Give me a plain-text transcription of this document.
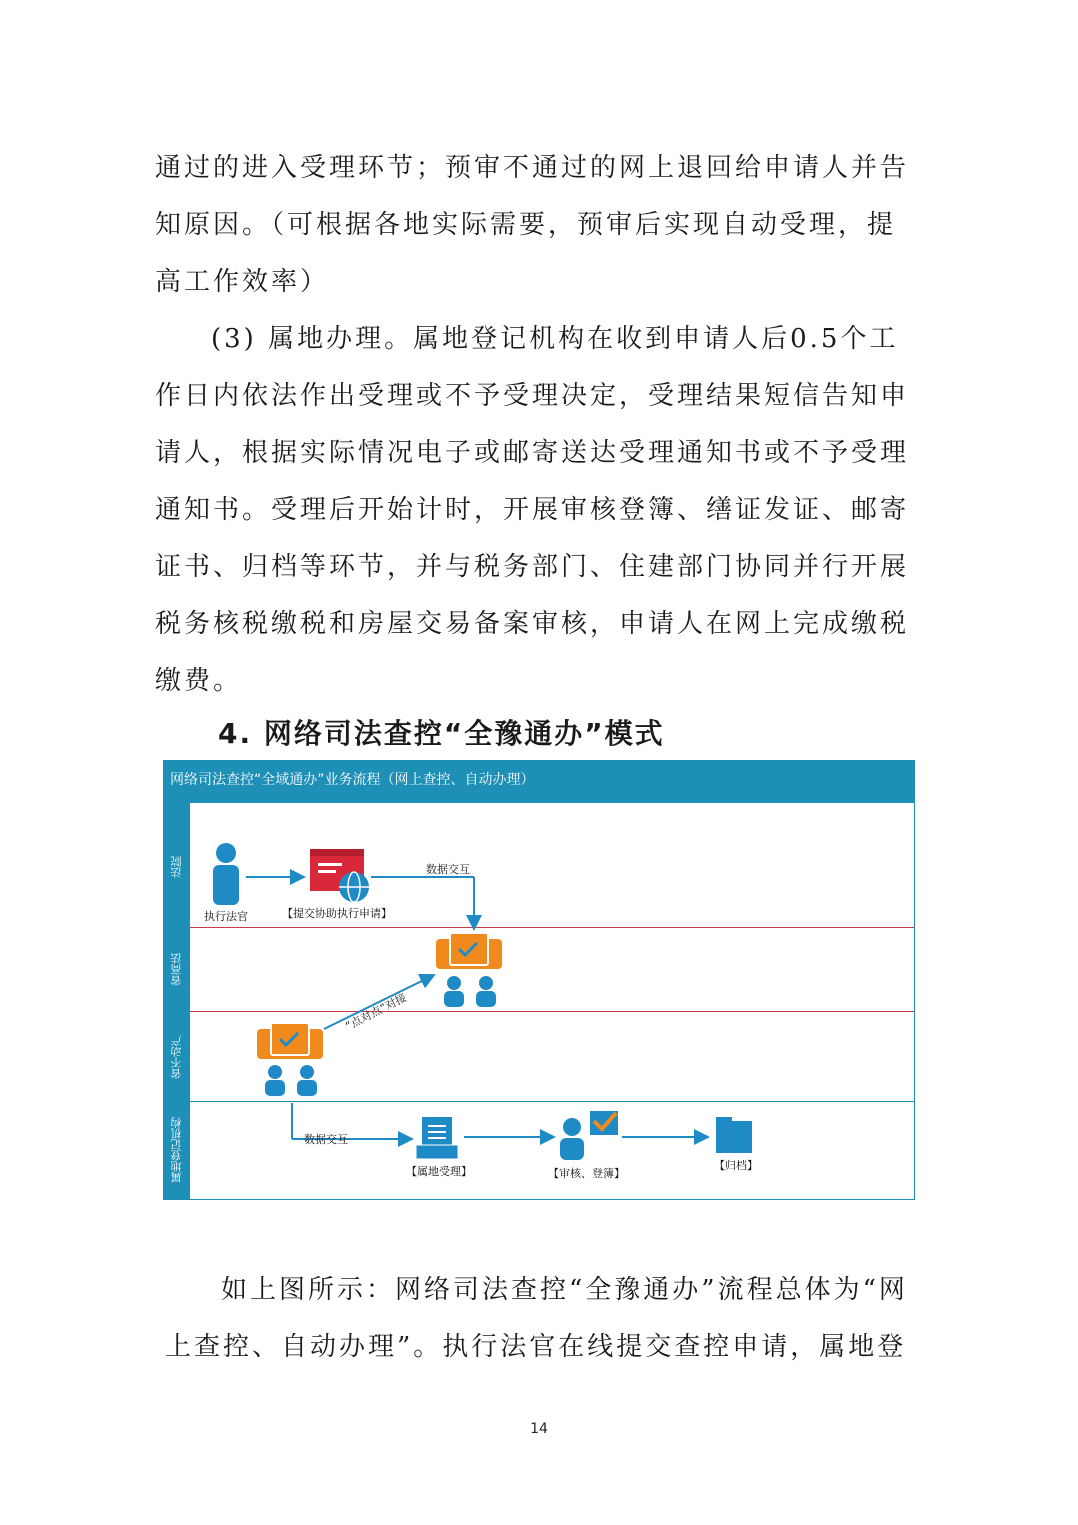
通过的进入受理环节；预审不通过的网上退回给申请人并告知原因。（可根据各地实际需要，预审后实现自动受理，提高工作效率）

(3) 属地办理。属地登记机构在收到申请人后0.5个工作日内依法作出受理或不予受理决定，受理结果短信告知申请人，根据实际情况电子或邮寄送达受理通知书或不予受理通知书。受理后开始计时，开展审核登簿、缮证发证、邮寄证书、归档等环节，并与税务部门、住建部门协同并行开展税务核税缴税和房屋交易备案审核，申请人在网上完成缴税缴费。

4. 网络司法查控“全豫通办”模式
网络司法查控“全域通办”业务流程（网上查控、自动办理）
法院
省高法
省不动产
属地登记机构
执行法官	【提交协助执行申请】
数据交互
“点对点”对接
数据交互
【属地受理】	【审核、登簿】
【归档】

如上图所示：网络司法查控“全豫通办”流程总体为“网上查控、自动办理”。执行法官在线提交查控申请，属地登

14
